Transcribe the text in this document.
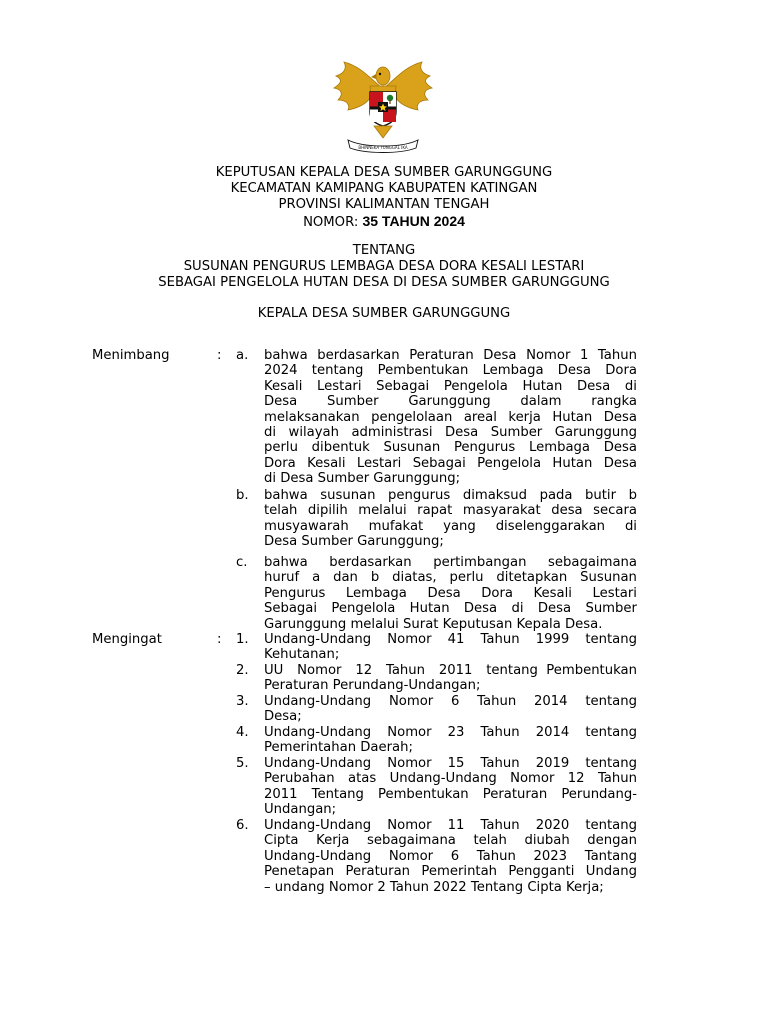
BHINNEKA TUNGGAL IKA
KEPUTUSAN KEPALA DESA SUMBER GARUNGGUNG
KECAMATAN KAMIPANG KABUPATEN KATINGAN
PROVINSI KALIMANTAN TENGAH
NOMOR: 35 TAHUN 2024
TENTANG
SUSUNAN PENGURUS LEMBAGA DESA DORA KESALI LESTARI
SEBAGAI PENGELOLA HUTAN DESA DI DESA SUMBER GARUNGGUNG
KEPALA DESA SUMBER GARUNGGUNG
Menimbang	: a.	bahwa berdasarkan Peraturan Desa Nomor 1 Tahun
2024 tentang Pembentukan Lembaga Desa Dora
Kesali Lestari Sebagai Pengelola Hutan Desa di
Desa Sumber Garunggung dalam rangka
melaksanakan pengelolaan areal kerja Hutan Desa
di wilayah administrasi Desa Sumber Garunggung
perlu dibentuk Susunan Pengurus Lembaga Desa
Dora Kesali Lestari Sebagai Pengelola Hutan Desa
di Desa Sumber Garunggung;
b.	bahwa susunan pengurus dimaksud pada butir b
telah dipilih melalui rapat masyarakat desa secara
musyawarah mufakat yang diselenggarakan di
Desa Sumber Garunggung;
c.	bahwa berdasarkan pertimbangan sebagaimana
huruf a dan b diatas, perlu ditetapkan Susunan
Pengurus Lembaga Desa Dora Kesali Lestari
Sebagai Pengelola Hutan Desa di Desa Sumber
Garunggung melalui Surat Keputusan Kepala Desa.
Mengingat	: 1.	Undang-Undang Nomor 41 Tahun 1999 tentang
Kehutanan;
2.	UU Nomor 12 Tahun 2011 tentang  Pembentukan
Peraturan Perundang-Undangan;
3.	Undang-Undang Nomor 6 Tahun 2014 tentang
Desa;
4.	Undang-Undang Nomor 23 Tahun 2014 tentang
Pemerintahan Daerah;
5.	Undang-Undang Nomor 15 Tahun 2019 tentang
Perubahan atas Undang-Undang Nomor 12 Tahun
2011 Tentang Pembentukan Peraturan Perundang-
Undangan;
6.	Undang-Undang Nomor 11 Tahun 2020 tentang
Cipta Kerja sebagaimana telah diubah dengan
Undang-Undang Nomor 6 Tahun 2023 Tantang
Penetapan Peraturan Pemerintah Pengganti Undang
– undang Nomor 2 Tahun 2022 Tentang Cipta Kerja;
